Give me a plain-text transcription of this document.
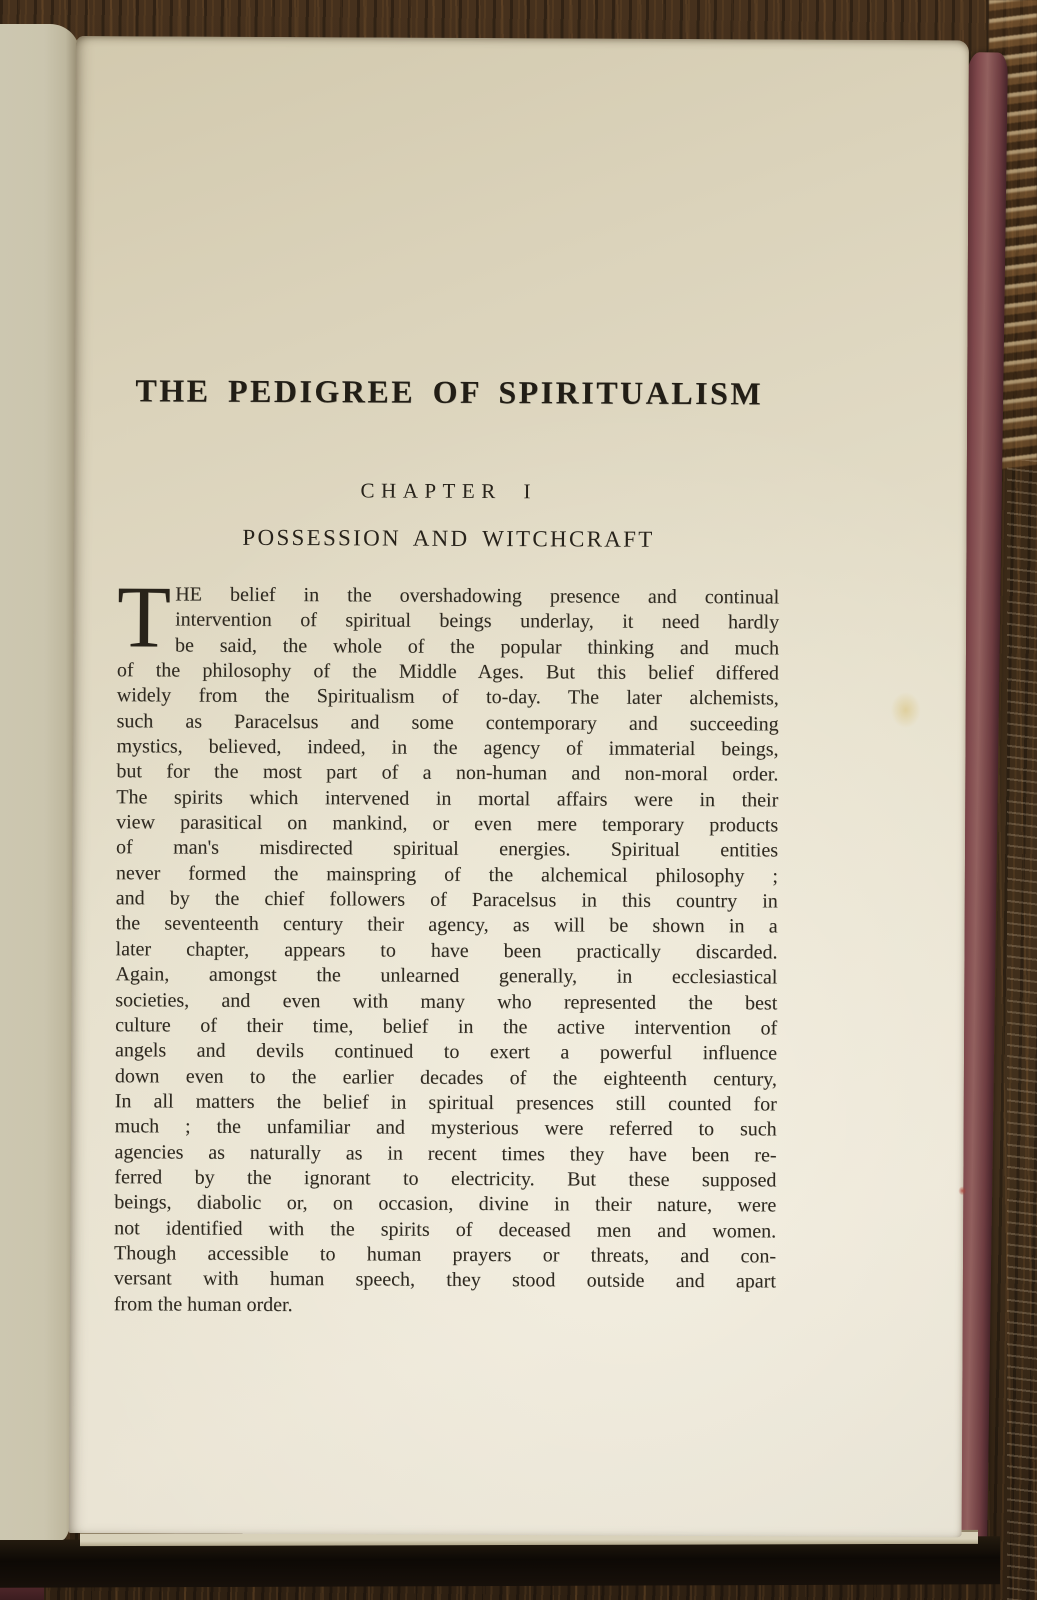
THE PEDIGREE OF SPIRITUALISM
CHAPTER I
POSSESSION AND WITCHCRAFT
T HE belief in the overshadowing presence and continual
intervention of spiritual beings underlay, it need hardly
be said, the whole of the popular thinking and much
of the philosophy of the Middle Ages. But this belief differed
widely from the Spiritualism of to-day. The later alchemists,
such as Paracelsus and some contemporary and succeeding
mystics, believed, indeed, in the agency of immaterial beings,
but for the most part of a non-human and non-moral order.
The spirits which intervened in mortal affairs were in their
view parasitical on mankind, or even mere temporary products
of man's misdirected spiritual energies. Spiritual entities
never formed the mainspring of the alchemical philosophy ;
and by the chief followers of Paracelsus in this country in
the seventeenth century their agency, as will be shown in a
later chapter, appears to have been practically discarded.
Again, amongst the unlearned generally, in ecclesiastical
societies, and even with many who represented the best
culture of their time, belief in the active intervention of
angels and devils continued to exert a powerful influence
down even to the earlier decades of the eighteenth century,
In all matters the belief in spiritual presences still counted for
much ; the unfamiliar and mysterious were referred to such
agencies as naturally as in recent times they have been re-
ferred by the ignorant to electricity. But these supposed
beings, diabolic or, on occasion, divine in their nature, were
not identified with the spirits of deceased men and women.
Though accessible to human prayers or threats, and con-
versant with human speech, they stood outside and apart
from the human order.
